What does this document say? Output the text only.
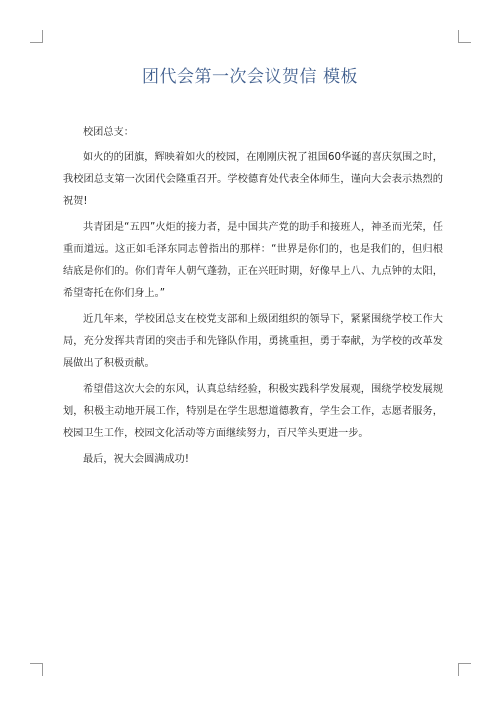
团代会第一次会议贺信 模板

校团总支：

如火的的团旗，辉映着如火的校园，在刚刚庆祝了祖国60华诞的喜庆氛围之时，我校团总支第一次团代会隆重召开。学校德育处代表全体师生，谨向大会表示热烈的祝贺!

共青团是“五四”火炬的接力者，是中国共产党的助手和接班人，神圣而光荣，任重而道远。这正如毛泽东同志曾指出的那样：“世界是你们的，也是我们的，但归根结底是你们的。你们青年人朝气蓬勃，正在兴旺时期，好像早上八、九点钟的太阳，希望寄托在你们身上。”

近几年来，学校团总支在校党支部和上级团组织的领导下，紧紧围绕学校工作大局，充分发挥共青团的突击手和先锋队作用，勇挑重担，勇于奉献，为学校的改革发展做出了积极贡献。

希望借这次大会的东风，认真总结经验，积极实践科学发展观，围绕学校发展规划，积极主动地开展工作，特别是在学生思想道德教育，学生会工作，志愿者服务，校园卫生工作，校园文化活动等方面继续努力，百尺竿头更进一步。

最后，祝大会圆满成功!
